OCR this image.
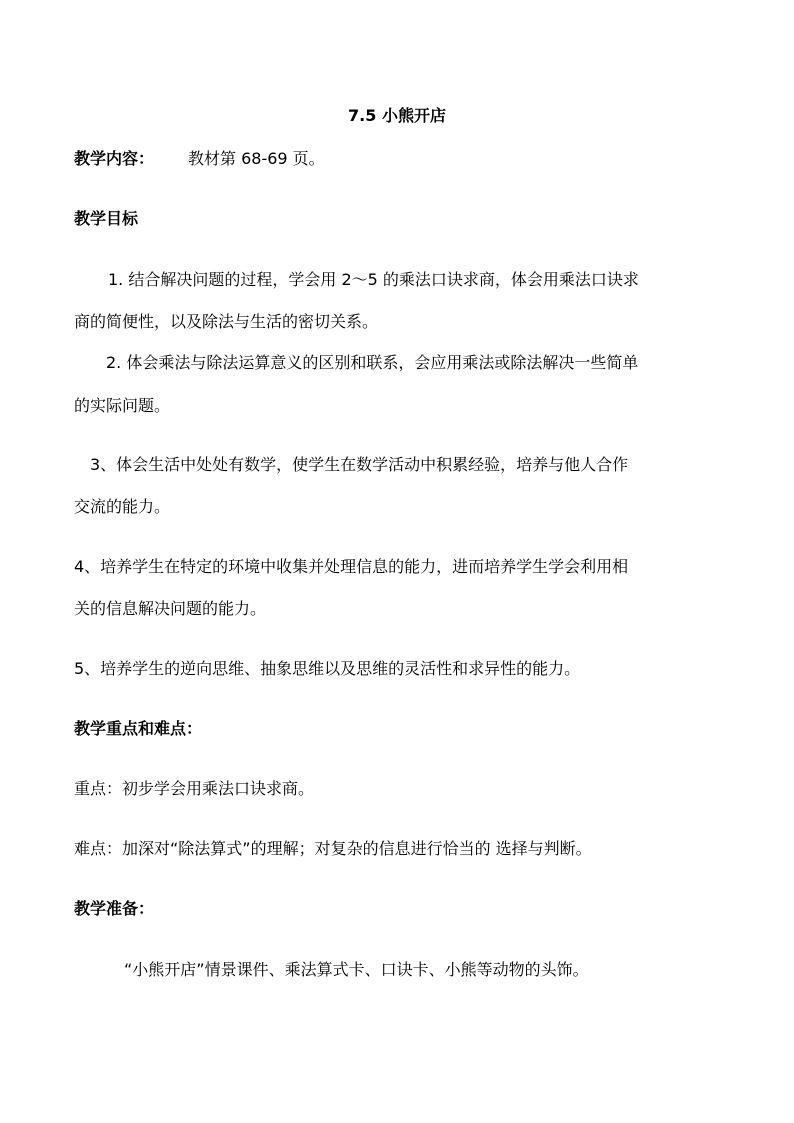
7.5 小熊开店

教学内容： 教材第 68-69 页。

教学目标

1. 结合解决问题的过程，学会用 2～5 的乘法口诀求商，体会用乘法口诀求

商的简便性，以及除法与生活的密切关系。

2. 体会乘法与除法运算意义的区别和联系，会应用乘法或除法解决一些简单

的实际问题。

3、体会生活中处处有数学，使学生在数学活动中积累经验，培养与他人合作

交流的能力。

4、培养学生在特定的环境中收集并处理信息的能力，进而培养学生学会利用相

关的信息解决问题的能力。

5、培养学生的逆向思维、抽象思维以及思维的灵活性和求异性的能力。

教学重点和难点：

重点：初步学会用乘法口诀求商。

难点：加深对“除法算式”的理解；对复杂的信息进行恰当的 选择与判断。

教学准备：

“小熊开店”情景课件、乘法算式卡、口诀卡、小熊等动物的头饰。
